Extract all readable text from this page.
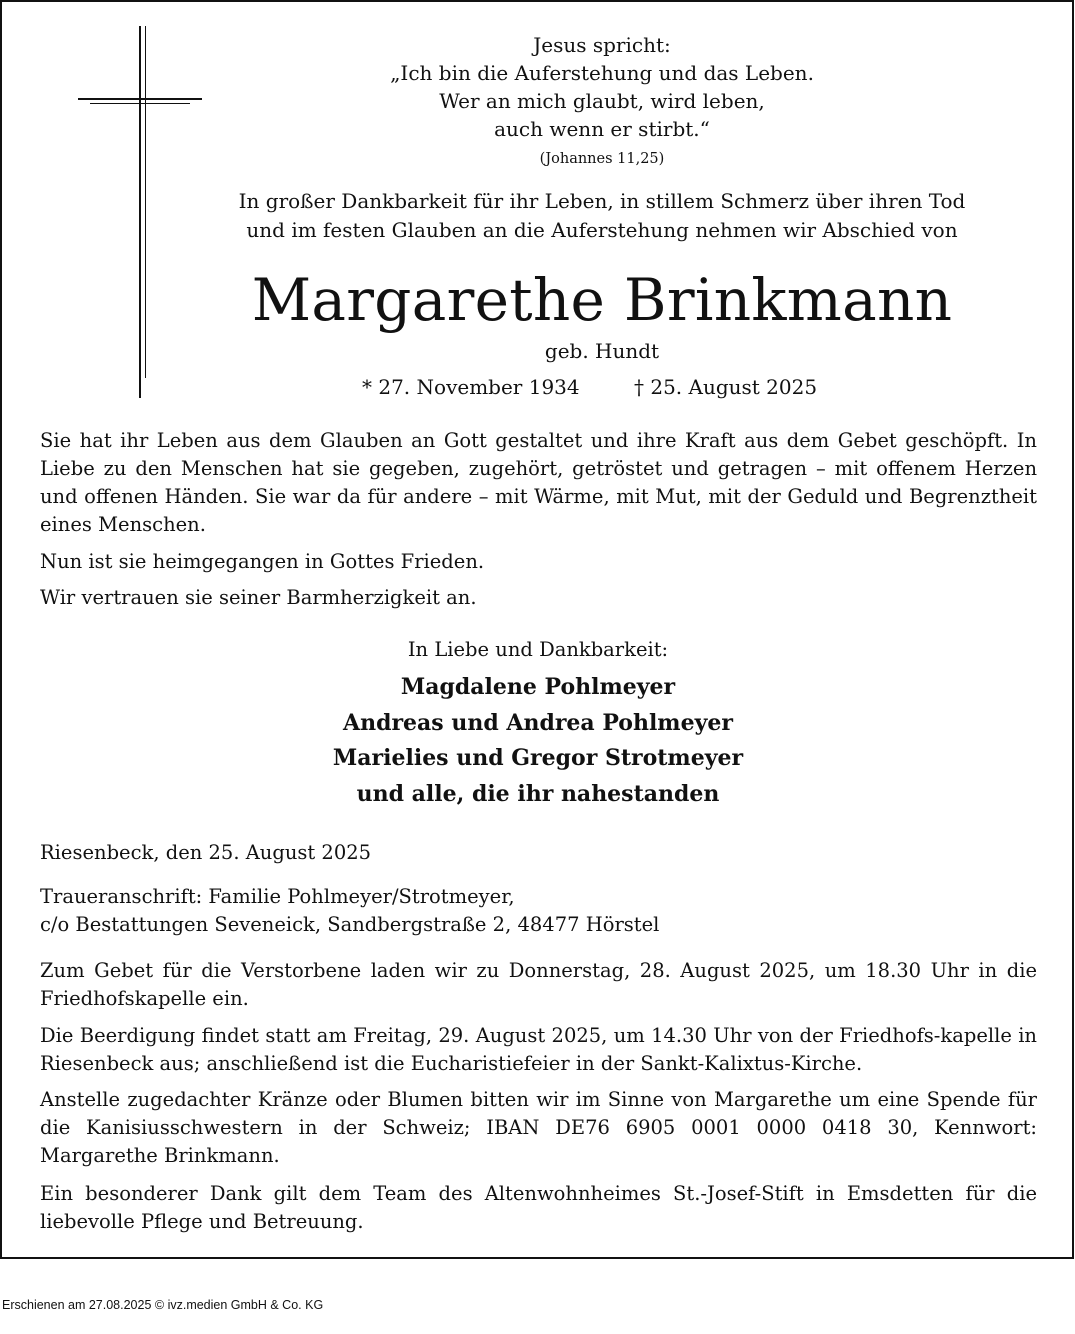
Jesus spricht:
„Ich bin die Auferstehung und das Leben.
Wer an mich glaubt, wird leben,
auch wenn er stirbt.“
(Johannes 11,25)
In großer Dankbarkeit für ihr Leben, in stillem Schmerz über ihren Tod
und im festen Glauben an die Auferstehung nehmen wir Abschied von
Margarethe Brinkmann
geb. Hundt
* 27. November 1934	† 25. August 2025
Sie hat ihr Leben aus dem Glauben an Gott gestaltet und ihre Kraft aus dem Gebet geschöpft. In Liebe zu den Menschen hat sie gegeben, zugehört, getröstet und getragen – mit offenem Herzen und offenen Händen. Sie war da für andere – mit Wärme, mit Mut, mit der Geduld und Begrenztheit eines Menschen.
Nun ist sie heimgegangen in Gottes Frieden.
Wir vertrauen sie seiner Barmherzigkeit an.
In Liebe und Dankbarkeit:
Magdalene Pohlmeyer
Andreas und Andrea Pohlmeyer
Marielies und Gregor Strotmeyer
und alle, die ihr nahestanden
Riesenbeck, den 25. August 2025
Traueranschrift: Familie Pohlmeyer/Strotmeyer,
c/o Bestattungen Seveneick, Sandbergstraße 2, 48477 Hörstel
Zum Gebet für die Verstorbene laden wir zu Donnerstag, 28. August 2025, um 18.30 Uhr in die Friedhofskapelle ein.
Die Beerdigung findet statt am Freitag, 29. August 2025, um 14.30 Uhr von der Friedhofs-kapelle in Riesenbeck aus; anschließend ist die Eucharistiefeier in der Sankt-Kalixtus-Kirche.
Anstelle zugedachter Kränze oder Blumen bitten wir im Sinne von Margarethe um eine Spende für die Kanisiusschwestern in der Schweiz; IBAN DE76 6905 0001 0000 0418 30, Kennwort: Margarethe Brinkmann.
Ein besonderer Dank gilt dem Team des Altenwohnheimes St.-Josef-Stift in Emsdetten für die liebevolle Pflege und Betreuung.
Erschienen am 27.08.2025 © ivz.medien GmbH & Co. KG
